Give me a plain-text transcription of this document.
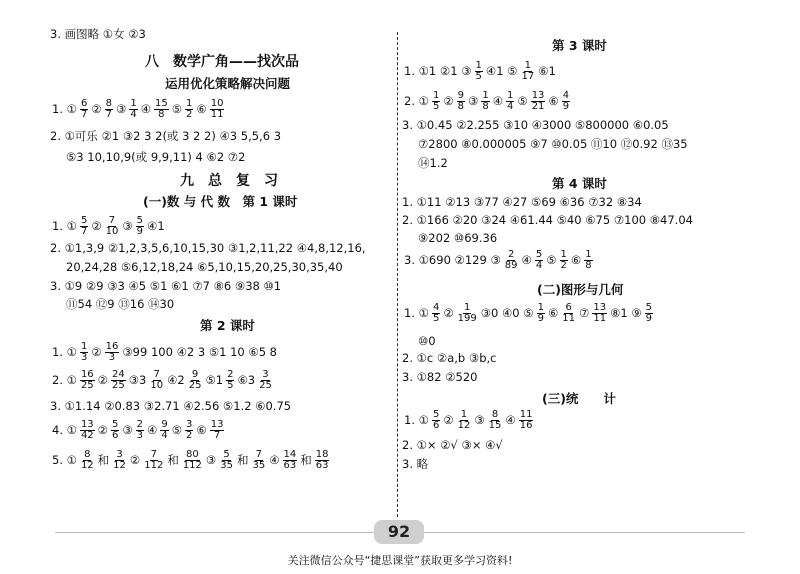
3. 画图略 ①女 ②3
八　数学广角——找次品
运用优化策略解决问题
1. ① $\frac{6}{7}$ ② $\frac{8}{7}$ ③ $\frac{1}{4}$ ④ $\frac{15}{8}$ ⑤ $\frac{1}{2}$ ⑥ $\frac{10}{11}$
2. ①可乐 ②1 ③2 3 2(或 3 2 2) ④3 5,5,6 3
⑤3 10,10,9(或 9,9,11) 4 ⑥2 ⑦2
九　总　复　习
(一)数 与 代 数　第 1 课时
1. ① $\frac{5}{7}$ ② $\frac{7}{10}$ ③ $\frac{5}{9}$ ④1
2. ①1,3,9 ②1,2,3,5,6,10,15,30 ③1,2,11,22 ④4,8,12,16,
20,24,28 ⑤6,12,18,24 ⑥5,10,15,20,25,30,35,40
3. ①9 ②9 ③3 ④5 ⑤1 ⑥1 ⑦7 ⑧6 ⑨38 ⑩1
⑪54 ⑫9 ⑬16 ⑭30
第 2 课时
1. ① $\frac{1}{3}$ ② $\frac{16}{3}$ ③99 100 ④2 3 ⑤1 10 ⑥5 8
2. ① $\frac{16}{25}$ ② $\frac{24}{25}$ ③3 $\frac{7}{10}$ ④2 $\frac{9}{25}$ ⑤1 $\frac{2}{5}$ ⑥3 $\frac{3}{25}$
3. ①1.14 ②0.83 ③2.71 ④2.56 ⑤1.2 ⑥0.75
4. ① $\frac{13}{42}$ ② $\frac{5}{6}$ ③ $\frac{2}{3}$ ④ $\frac{9}{4}$ ⑤ $\frac{3}{2}$ ⑥ $\frac{13}{7}$
5. ① $\frac{8}{12}$ 和 $\frac{3}{12}$ ② $\frac{7}{112}$ 和 $\frac{80}{112}$ ③ $\frac{5}{35}$ 和 $\frac{7}{35}$ ④ $\frac{14}{63}$ 和 $\frac{18}{63}$
第 3 课时
1. ①1 ②1 ③ $\frac{1}{5}$ ④1 ⑤ $\frac{1}{17}$ ⑥1
2. ① $\frac{1}{5}$ ② $\frac{9}{8}$ ③ $\frac{1}{8}$ ④ $\frac{1}{4}$ ⑤ $\frac{13}{21}$ ⑥ $\frac{4}{9}$
3. ①0.45 ②2.255 ③10 ④3000 ⑤800000 ⑥0.05
⑦2800 ⑧0.000005 ⑨7 ⑩0.05 ⑪10 ⑫0.92 ⑬35
⑭1.2
第 4 课时
1. ①11 ②13 ③77 ④27 ⑤69 ⑥36 ⑦32 ⑧34
2. ①166 ②20 ③24 ④61.44 ⑤40 ⑥75 ⑦100 ⑧47.04
⑨202 ⑩69.36
3. ①690 ②129 ③ $\frac{2}{89}$ ④ $\frac{5}{4}$ ⑤ $\frac{1}{2}$ ⑥ $\frac{1}{8}$
(二)图形与几何
1. ① $\frac{4}{5}$ ② $\frac{1}{199}$ ③0 ④0 ⑤ $\frac{1}{9}$ ⑥ $\frac{6}{11}$ ⑦ $\frac{13}{11}$ ⑧1 ⑨ $\frac{5}{9}$
⑩0
2. ①c ②a,b ③b,c
3. ①82 ②520
(三)统　　计
1. ① $\frac{5}{6}$ ② $\frac{1}{12}$ ③ $\frac{8}{15}$ ④ $\frac{11}{16}$
2. ①× ②√ ③× ④√
3. 略
92
关注微信公众号“捷思课堂”获取更多学习资料!
